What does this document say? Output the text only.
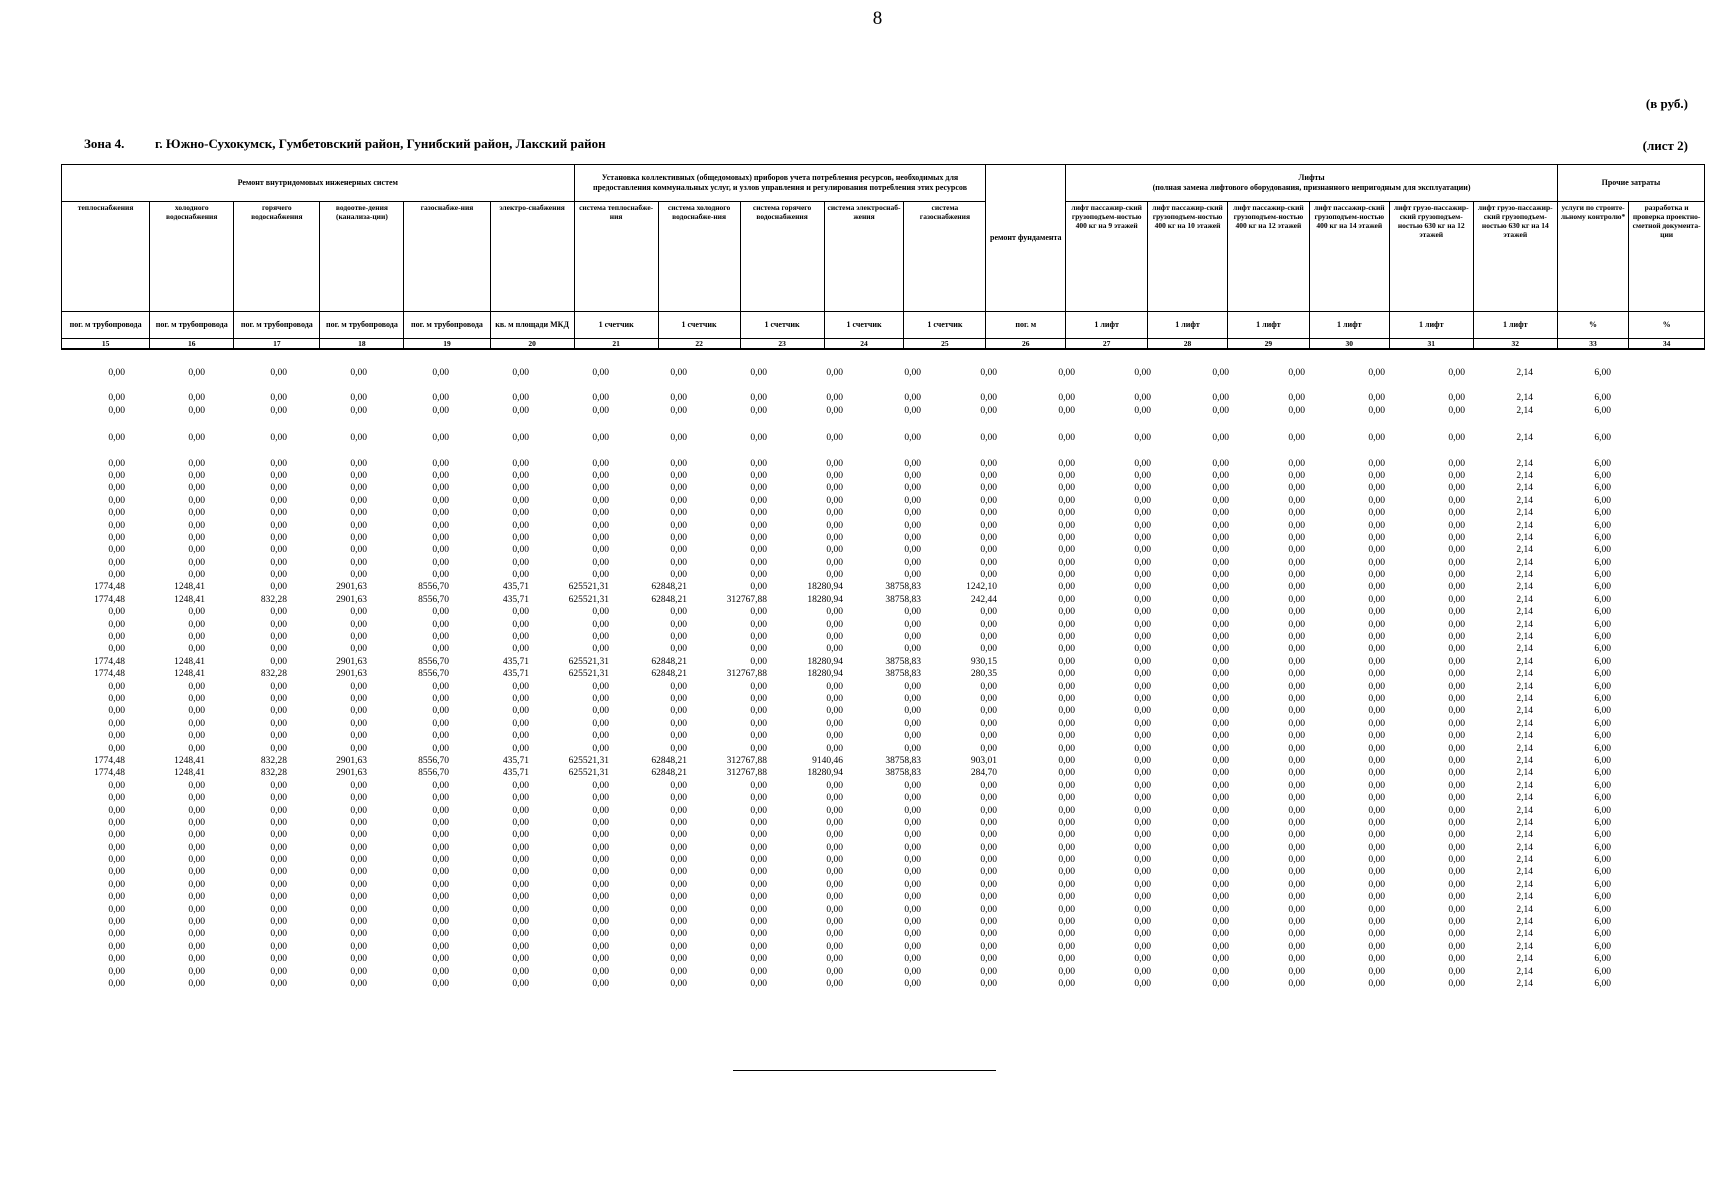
8
(в руб.)
Зона 4. г. Южно-Сухокумск, Гумбетовский район, Гунибский район, Лакский район	(лист 2)
Ремонт внутридомовых инженерных систем						Установка коллективных (общедомовых) приборов учета потребления ресурсов, необходимых для предоставления коммунальных услуг, и узлов управления и регулирования потребления этих ресурсов					ремонт фундамента	Лифты
(полная замена лифтового оборудования, признанного непригодным для эксплуатации)						Прочие затраты	
теплоснабжения	холодного водоснабжения	горячего водоснабжения	водоотве-дения (канализа-ции)	газоснабже-ния	электро-снабжения	система теплоснабже-ния	система холодного водоснабже-ния	система горячего водоснабжения	система электроснаб-жения	система газоснабжения		лифт пассажир-ский грузоподъем-ностью 400 кг на 9 этажей	лифт пассажир-ский грузоподъем-ностью 400 кг на 10 этажей	лифт пассажир-ский грузоподъем-ностью 400 кг на 12 этажей	лифт пассажир-ский грузоподъем-ностью 400 кг на 14 этажей	лифт грузо-пассажир-ский грузоподъем-ностью 630 кг на 12 этажей	лифт грузо-пассажир-ский грузоподъем-ностью 630 кг на 14 этажей	услуги по строите-льному контролю*	разработка и проверка проектно-сметной документа-ции
пог. м трубопровода	пог. м трубопровода	пог. м трубопровода	пог. м трубопровода	пог. м трубопровода	кв. м площади МКД	1 счетчик	1 счетчик	1 счетчик	1 счетчик	1 счетчик	пог. м	1 лифт	1 лифт	1 лифт	1 лифт	1 лифт	1 лифт	%	%
15	16	17	18	19	20	21	22	23	24	25	26	27	28	29	30	31	32	33	34
0,00	0,00	0,00	0,00	0,00	0,00	0,00	0,00	0,00	0,00	0,00	0,00	0,00	0,00	0,00	0,00	0,00	0,00	2,14	6,00
0,00	0,00	0,00	0,00	0,00	0,00	0,00	0,00	0,00	0,00	0,00	0,00	0,00	0,00	0,00	0,00	0,00	0,00	2,14	6,00
0,00	0,00	0,00	0,00	0,00	0,00	0,00	0,00	0,00	0,00	0,00	0,00	0,00	0,00	0,00	0,00	0,00	0,00	2,14	6,00
0,00	0,00	0,00	0,00	0,00	0,00	0,00	0,00	0,00	0,00	0,00	0,00	0,00	0,00	0,00	0,00	0,00	0,00	2,14	6,00
0,00	0,00	0,00	0,00	0,00	0,00	0,00	0,00	0,00	0,00	0,00	0,00	0,00	0,00	0,00	0,00	0,00	0,00	2,14	6,00
0,00	0,00	0,00	0,00	0,00	0,00	0,00	0,00	0,00	0,00	0,00	0,00	0,00	0,00	0,00	0,00	0,00	0,00	2,14	6,00
0,00	0,00	0,00	0,00	0,00	0,00	0,00	0,00	0,00	0,00	0,00	0,00	0,00	0,00	0,00	0,00	0,00	0,00	2,14	6,00
0,00	0,00	0,00	0,00	0,00	0,00	0,00	0,00	0,00	0,00	0,00	0,00	0,00	0,00	0,00	0,00	0,00	0,00	2,14	6,00
0,00	0,00	0,00	0,00	0,00	0,00	0,00	0,00	0,00	0,00	0,00	0,00	0,00	0,00	0,00	0,00	0,00	0,00	2,14	6,00
0,00	0,00	0,00	0,00	0,00	0,00	0,00	0,00	0,00	0,00	0,00	0,00	0,00	0,00	0,00	0,00	0,00	0,00	2,14	6,00
0,00	0,00	0,00	0,00	0,00	0,00	0,00	0,00	0,00	0,00	0,00	0,00	0,00	0,00	0,00	0,00	0,00	0,00	2,14	6,00
0,00	0,00	0,00	0,00	0,00	0,00	0,00	0,00	0,00	0,00	0,00	0,00	0,00	0,00	0,00	0,00	0,00	0,00	2,14	6,00
0,00	0,00	0,00	0,00	0,00	0,00	0,00	0,00	0,00	0,00	0,00	0,00	0,00	0,00	0,00	0,00	0,00	0,00	2,14	6,00
0,00	0,00	0,00	0,00	0,00	0,00	0,00	0,00	0,00	0,00	0,00	0,00	0,00	0,00	0,00	0,00	0,00	0,00	2,14	6,00
1774,48	1248,41	0,00	2901,63	8556,70	435,71	625521,31	62848,21	0,00	18280,94	38758,83	1242,10	0,00	0,00	0,00	0,00	0,00	0,00	2,14	6,00
1774,48	1248,41	832,28	2901,63	8556,70	435,71	625521,31	62848,21	312767,88	18280,94	38758,83	242,44	0,00	0,00	0,00	0,00	0,00	0,00	2,14	6,00
0,00	0,00	0,00	0,00	0,00	0,00	0,00	0,00	0,00	0,00	0,00	0,00	0,00	0,00	0,00	0,00	0,00	0,00	2,14	6,00
0,00	0,00	0,00	0,00	0,00	0,00	0,00	0,00	0,00	0,00	0,00	0,00	0,00	0,00	0,00	0,00	0,00	0,00	2,14	6,00
0,00	0,00	0,00	0,00	0,00	0,00	0,00	0,00	0,00	0,00	0,00	0,00	0,00	0,00	0,00	0,00	0,00	0,00	2,14	6,00
0,00	0,00	0,00	0,00	0,00	0,00	0,00	0,00	0,00	0,00	0,00	0,00	0,00	0,00	0,00	0,00	0,00	0,00	2,14	6,00
1774,48	1248,41	0,00	2901,63	8556,70	435,71	625521,31	62848,21	0,00	18280,94	38758,83	930,15	0,00	0,00	0,00	0,00	0,00	0,00	2,14	6,00
1774,48	1248,41	832,28	2901,63	8556,70	435,71	625521,31	62848,21	312767,88	18280,94	38758,83	280,35	0,00	0,00	0,00	0,00	0,00	0,00	2,14	6,00
0,00	0,00	0,00	0,00	0,00	0,00	0,00	0,00	0,00	0,00	0,00	0,00	0,00	0,00	0,00	0,00	0,00	0,00	2,14	6,00
0,00	0,00	0,00	0,00	0,00	0,00	0,00	0,00	0,00	0,00	0,00	0,00	0,00	0,00	0,00	0,00	0,00	0,00	2,14	6,00
0,00	0,00	0,00	0,00	0,00	0,00	0,00	0,00	0,00	0,00	0,00	0,00	0,00	0,00	0,00	0,00	0,00	0,00	2,14	6,00
0,00	0,00	0,00	0,00	0,00	0,00	0,00	0,00	0,00	0,00	0,00	0,00	0,00	0,00	0,00	0,00	0,00	0,00	2,14	6,00
0,00	0,00	0,00	0,00	0,00	0,00	0,00	0,00	0,00	0,00	0,00	0,00	0,00	0,00	0,00	0,00	0,00	0,00	2,14	6,00
0,00	0,00	0,00	0,00	0,00	0,00	0,00	0,00	0,00	0,00	0,00	0,00	0,00	0,00	0,00	0,00	0,00	0,00	2,14	6,00
1774,48	1248,41	832,28	2901,63	8556,70	435,71	625521,31	62848,21	312767,88	9140,46	38758,83	903,01	0,00	0,00	0,00	0,00	0,00	0,00	2,14	6,00
1774,48	1248,41	832,28	2901,63	8556,70	435,71	625521,31	62848,21	312767,88	18280,94	38758,83	284,70	0,00	0,00	0,00	0,00	0,00	0,00	2,14	6,00
0,00	0,00	0,00	0,00	0,00	0,00	0,00	0,00	0,00	0,00	0,00	0,00	0,00	0,00	0,00	0,00	0,00	0,00	2,14	6,00
0,00	0,00	0,00	0,00	0,00	0,00	0,00	0,00	0,00	0,00	0,00	0,00	0,00	0,00	0,00	0,00	0,00	0,00	2,14	6,00
0,00	0,00	0,00	0,00	0,00	0,00	0,00	0,00	0,00	0,00	0,00	0,00	0,00	0,00	0,00	0,00	0,00	0,00	2,14	6,00
0,00	0,00	0,00	0,00	0,00	0,00	0,00	0,00	0,00	0,00	0,00	0,00	0,00	0,00	0,00	0,00	0,00	0,00	2,14	6,00
0,00	0,00	0,00	0,00	0,00	0,00	0,00	0,00	0,00	0,00	0,00	0,00	0,00	0,00	0,00	0,00	0,00	0,00	2,14	6,00
0,00	0,00	0,00	0,00	0,00	0,00	0,00	0,00	0,00	0,00	0,00	0,00	0,00	0,00	0,00	0,00	0,00	0,00	2,14	6,00
0,00	0,00	0,00	0,00	0,00	0,00	0,00	0,00	0,00	0,00	0,00	0,00	0,00	0,00	0,00	0,00	0,00	0,00	2,14	6,00
0,00	0,00	0,00	0,00	0,00	0,00	0,00	0,00	0,00	0,00	0,00	0,00	0,00	0,00	0,00	0,00	0,00	0,00	2,14	6,00
0,00	0,00	0,00	0,00	0,00	0,00	0,00	0,00	0,00	0,00	0,00	0,00	0,00	0,00	0,00	0,00	0,00	0,00	2,14	6,00
0,00	0,00	0,00	0,00	0,00	0,00	0,00	0,00	0,00	0,00	0,00	0,00	0,00	0,00	0,00	0,00	0,00	0,00	2,14	6,00
0,00	0,00	0,00	0,00	0,00	0,00	0,00	0,00	0,00	0,00	0,00	0,00	0,00	0,00	0,00	0,00	0,00	0,00	2,14	6,00
0,00	0,00	0,00	0,00	0,00	0,00	0,00	0,00	0,00	0,00	0,00	0,00	0,00	0,00	0,00	0,00	0,00	0,00	2,14	6,00
0,00	0,00	0,00	0,00	0,00	0,00	0,00	0,00	0,00	0,00	0,00	0,00	0,00	0,00	0,00	0,00	0,00	0,00	2,14	6,00
0,00	0,00	0,00	0,00	0,00	0,00	0,00	0,00	0,00	0,00	0,00	0,00	0,00	0,00	0,00	0,00	0,00	0,00	2,14	6,00
0,00	0,00	0,00	0,00	0,00	0,00	0,00	0,00	0,00	0,00	0,00	0,00	0,00	0,00	0,00	0,00	0,00	0,00	2,14	6,00
0,00	0,00	0,00	0,00	0,00	0,00	0,00	0,00	0,00	0,00	0,00	0,00	0,00	0,00	0,00	0,00	0,00	0,00	2,14	6,00
0,00	0,00	0,00	0,00	0,00	0,00	0,00	0,00	0,00	0,00	0,00	0,00	0,00	0,00	0,00	0,00	0,00	0,00	2,14	6,00
